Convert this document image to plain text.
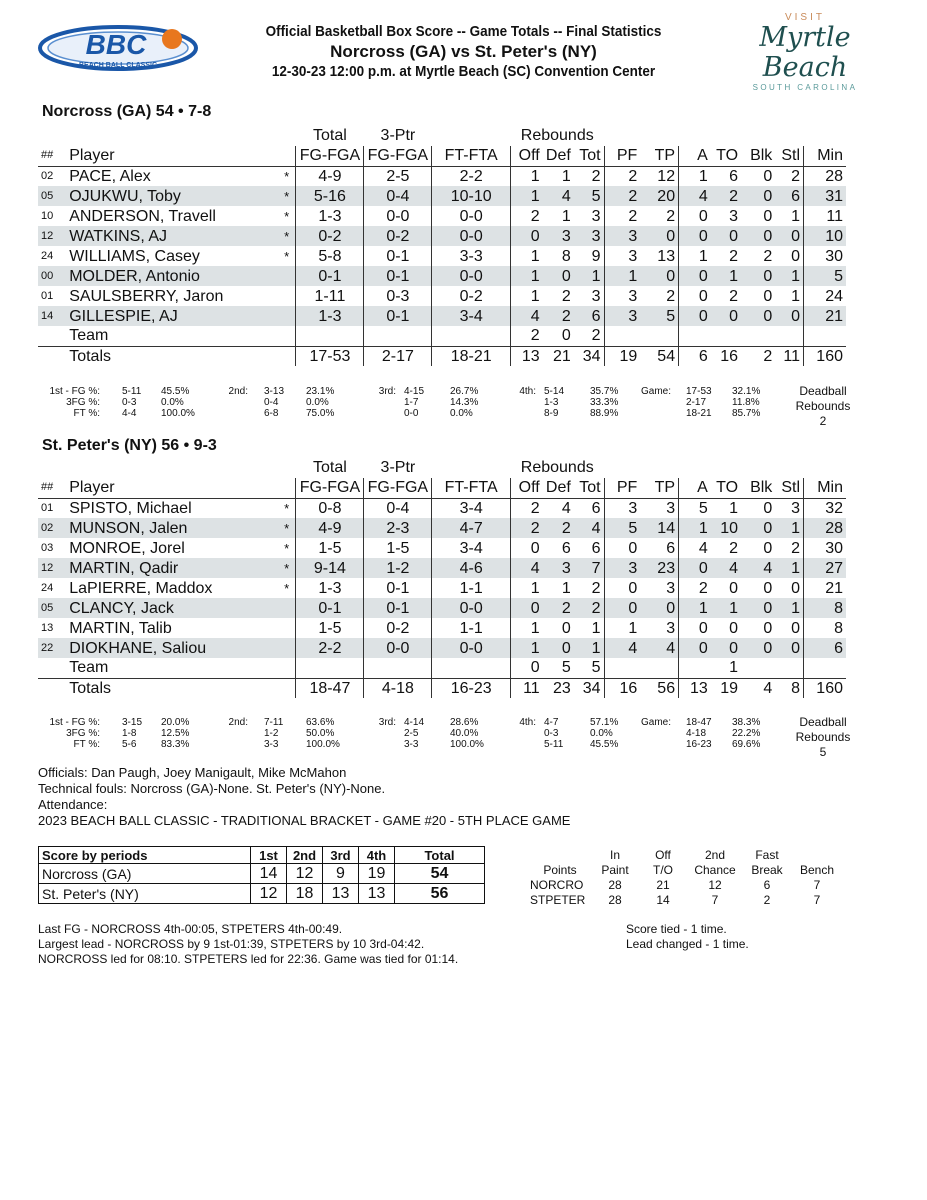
BBC
BEACH BALL CLASSIC
Official Basketball Box Score -- Game Totals -- Final Statistics
Norcross (GA) vs St. Peter's (NY)
12-30-23 12:00 p.m. at Myrtle Beach (SC) Convention Center
VISIT
Myrtle Beach
SOUTH CAROLINA
Norcross (GA) 54 • 7-8
			Total	3-Ptr		Rebounds									
##	Player		FG-FGA	FG-FGA	FT-FTA	Off	Def	Tot	PF	TP	A	TO	Blk	Stl	Min
02	PACE, Alex	*	4-9	2-5	2-2	1	1	2	2	12	1	6	0	2	28
05	OJUKWU, Toby	*	5-16	0-4	10-10	1	4	5	2	20	4	2	0	6	31
10	ANDERSON, Travell	*	1-3	0-0	0-0	2	1	3	2	2	0	3	0	1	11
12	WATKINS, AJ	*	0-2	0-2	0-0	0	3	3	3	0	0	0	0	0	10
24	WILLIAMS, Casey	*	5-8	0-1	3-3	1	8	9	3	13	1	2	2	0	30
00	MOLDER, Antonio		0-1	0-1	0-0	1	0	1	1	0	0	1	0	1	5
01	SAULSBERRY, Jaron		1-11	0-3	0-2	1	2	3	3	2	0	2	0	1	24
14	GILLESPIE, AJ		1-3	0-1	3-4	4	2	6	3	5	0	0	0	0	21
	Team					2	0	2							
	Totals		17-53	2-17	18-21	13	21	34	19	54	6	16	2	11	160
1st - FG %: 5-11 45.5%	2nd: 3-13 23.1%	3rd: 4-15	26.7%	4th: 5-14	35.7% Game: 17-53 32.1%
3FG %: 0-3 0.0%	0-4	0.0%	1-7	14.3%	1-3	33.3%	2-17	11.8%
FT %: 4-4 100.0%	6-8	75.0%	0-0	0.0%	8-9	88.9%	18-21 85.7%
Deadball
Rebounds
2
St. Peter's (NY) 56 • 9-3
			Total	3-Ptr		Rebounds									
##	Player		FG-FGA	FG-FGA	FT-FTA	Off	Def	Tot	PF	TP	A	TO	Blk	Stl	Min
01	SPISTO, Michael	*	0-8	0-4	3-4	2	4	6	3	3	5	1	0	3	32
02	MUNSON, Jalen	*	4-9	2-3	4-7	2	2	4	5	14	1	10	0	1	28
03	MONROE, Jorel	*	1-5	1-5	3-4	0	6	6	0	6	4	2	0	2	30
12	MARTIN, Qadir	*	9-14	1-2	4-6	4	3	7	3	23	0	4	4	1	27
24	LaPIERRE, Maddox	*	1-3	0-1	1-1	1	1	2	0	3	2	0	0	0	21
05	CLANCY, Jack		0-1	0-1	0-0	0	2	2	0	0	1	1	0	1	8
13	MARTIN, Talib		1-5	0-2	1-1	1	0	1	1	3	0	0	0	0	8
22	DIOKHANE, Saliou		2-2	0-0	0-0	1	0	1	4	4	0	0	0	0	6
	Team					0	5	5				1			
	Totals		18-47	4-18	16-23	11	23	34	16	56	13	19	4	8	160
1st - FG %: 3-15 20.0%	2nd: 7-11 63.6%	3rd: 4-14	28.6%	4th: 4-7	57.1% Game: 18-47 38.3%
3FG %: 1-8 12.5%	1-2	50.0%	2-5	40.0%	0-3	0.0%	4-18	22.2%
FT %: 5-6 83.3%	3-3	100.0%	3-3	100.0%	5-11	45.5%	16-23 69.6%
Deadball
Rebounds
5
Officials: Dan Paugh, Joey Manigault, Mike McMahon
Technical fouls: Norcross (GA)-None. St. Peter's (NY)-None.
Attendance:
2023 BEACH BALL CLASSIC - TRADITIONAL BRACKET - GAME #20 - 5TH PLACE GAME
Score by periods	1st	2nd	3rd	4th	Total
Norcross (GA)	14	12	9	19	54
St. Peter's (NY)	12	18	13	13	56
	In	Off	2nd	Fast	
Points	Paint	T/O	Chance	Break	Bench
NORCRO	28	21	12	6	7
STPETER	28	14	7	2	7
Last FG - NORCROSS 4th-00:05, STPETERS 4th-00:49.
Largest lead - NORCROSS by 9 1st-01:39, STPETERS by 10 3rd-04:42.
NORCROSS led for 08:10. STPETERS led for 22:36. Game was tied for 01:14.
Score tied - 1 time.
Lead changed - 1 time.
